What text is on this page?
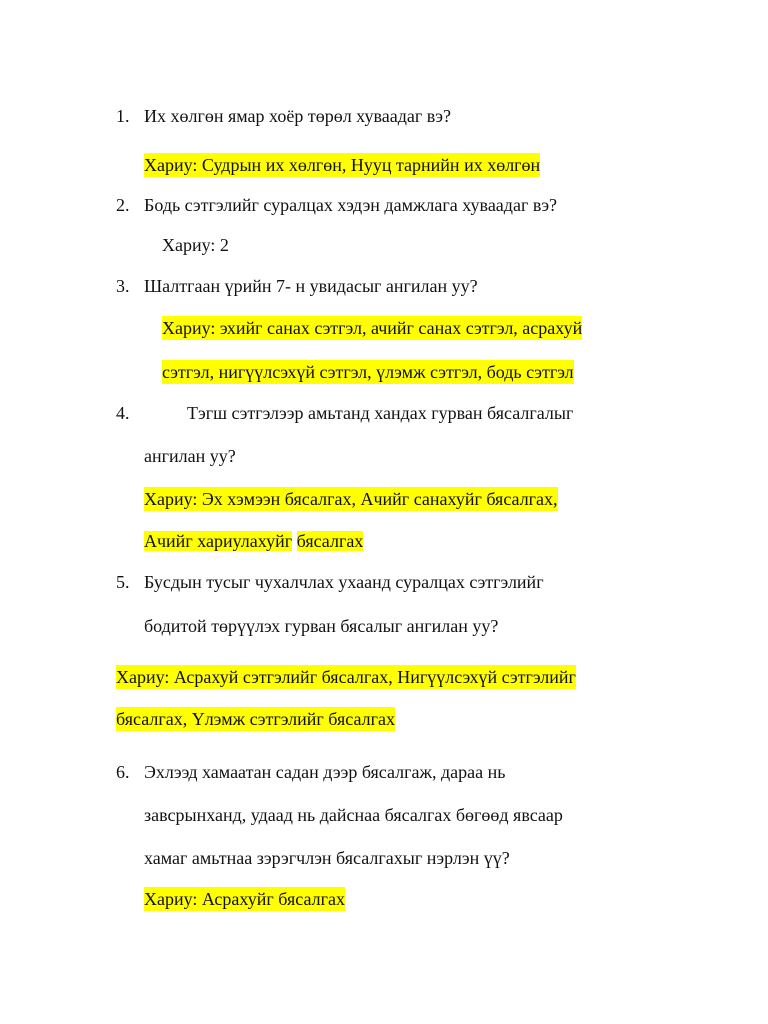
1. Их хөлгөн ямар хоёр төрөл хуваадаг вэ?
Хариу: Судрын их хөлгөн, Нууц тарнийн их хөлгөн
2. Бодь сэтгэлийг суралцах хэдэн дамжлага хуваадаг вэ?
Хариу: 2
3. Шалтгаан үрийн 7- н увидасыг ангилан уу?
Хариу: эхийг санах сэтгэл, ачийг санах сэтгэл, асрахуй
сэтгэл, нигүүлсэхүй сэтгэл, үлэмж сэтгэл, бодь сэтгэл
4.	Тэгш сэтгэлээр амьтанд хандах гурван бясалгалыг
ангилан уу?
Хариу: Эх хэмээн бясалгах, Ачийг санахуйг бясалгах,
Ачийг хариулахуйг бясалгах
5. Бусдын тусыг чухалчлах ухаанд суралцах сэтгэлийг
бодитой төрүүлэх гурван бясалыг ангилан уу?
Хариу: Асрахуй сэтгэлийг бясалгах, Нигүүлсэхүй сэтгэлийг
бясалгах, Үлэмж сэтгэлийг бясалгах
6. Эхлээд хамаатан садан дээр бясалгаж, дараа нь
завсрынханд, удаад нь дайснаа бясалгах бөгөөд явсаар
хамаг амьтнаа зэрэгчлэн бясалгахыг нэрлэн үү?
Хариу: Асрахуйг бясалгах
